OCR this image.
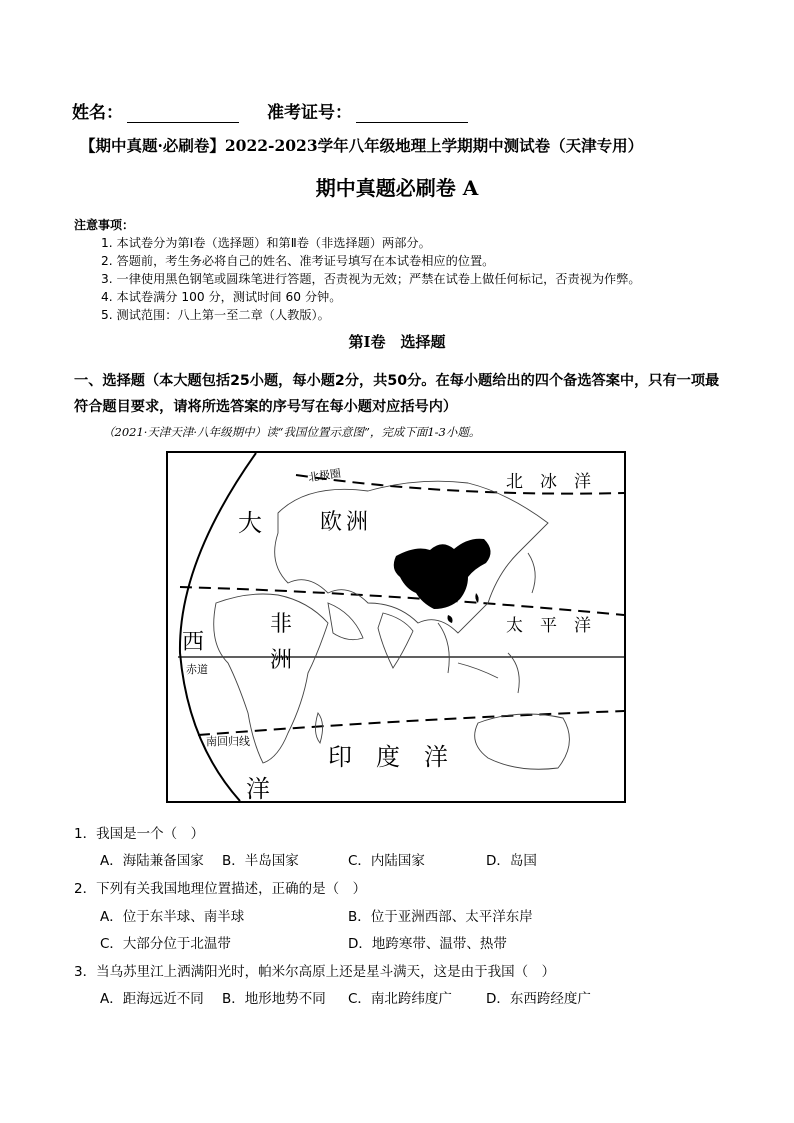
姓名：	准考证号：
【期中真题·必刷卷】2022-2023学年八年级地理上学期期中测试卷（天津专用）
期中真题必刷卷 A
注意事项：
1. 本试卷分为第Ⅰ卷（选择题）和第Ⅱ卷（非选择题）两部分。
2. 答题前，考生务必将自己的姓名、准考证号填写在本试卷相应的位置。
3. 一律使用黑色钢笔或圆珠笔进行答题，否责视为无效；严禁在试卷上做任何标记，否责视为作弊。
4. 本试卷满分 100 分，测试时间 60 分钟。
5. 测试范围：八上第一至二章（人教版）。
第Ⅰ卷　选择题
一、选择题（本大题包括25小题，每小题2分，共50分。在每小题给出的四个备选答案中，只有一项最
符合题目要求，请将所选答案的序号写在每小题对应括号内）
（2021·天津天津·八年级期中）读“我国位置示意图”，完成下面1-3小题。
北极圈	北　冰　洋
大	欧洲
太　平　洋
西
非
洲
赤道
南回归线
印　度　洋
洋
1．我国是一个（　）
A．海陆兼备国家 B．半岛国家	C．内陆国家	D．岛国
2．下列有关我国地理位置描述，正确的是（　）
A．位于东半球、南半球	B．位于亚洲西部、太平洋东岸
C．大部分位于北温带	D．地跨寒带、温带、热带
3．当乌苏里江上洒满阳光时，帕米尔高原上还是星斗满天，这是由于我国（　）
A．距海远近不同 B．地形地势不同 C．南北跨纬度广	D．东西跨经度广
